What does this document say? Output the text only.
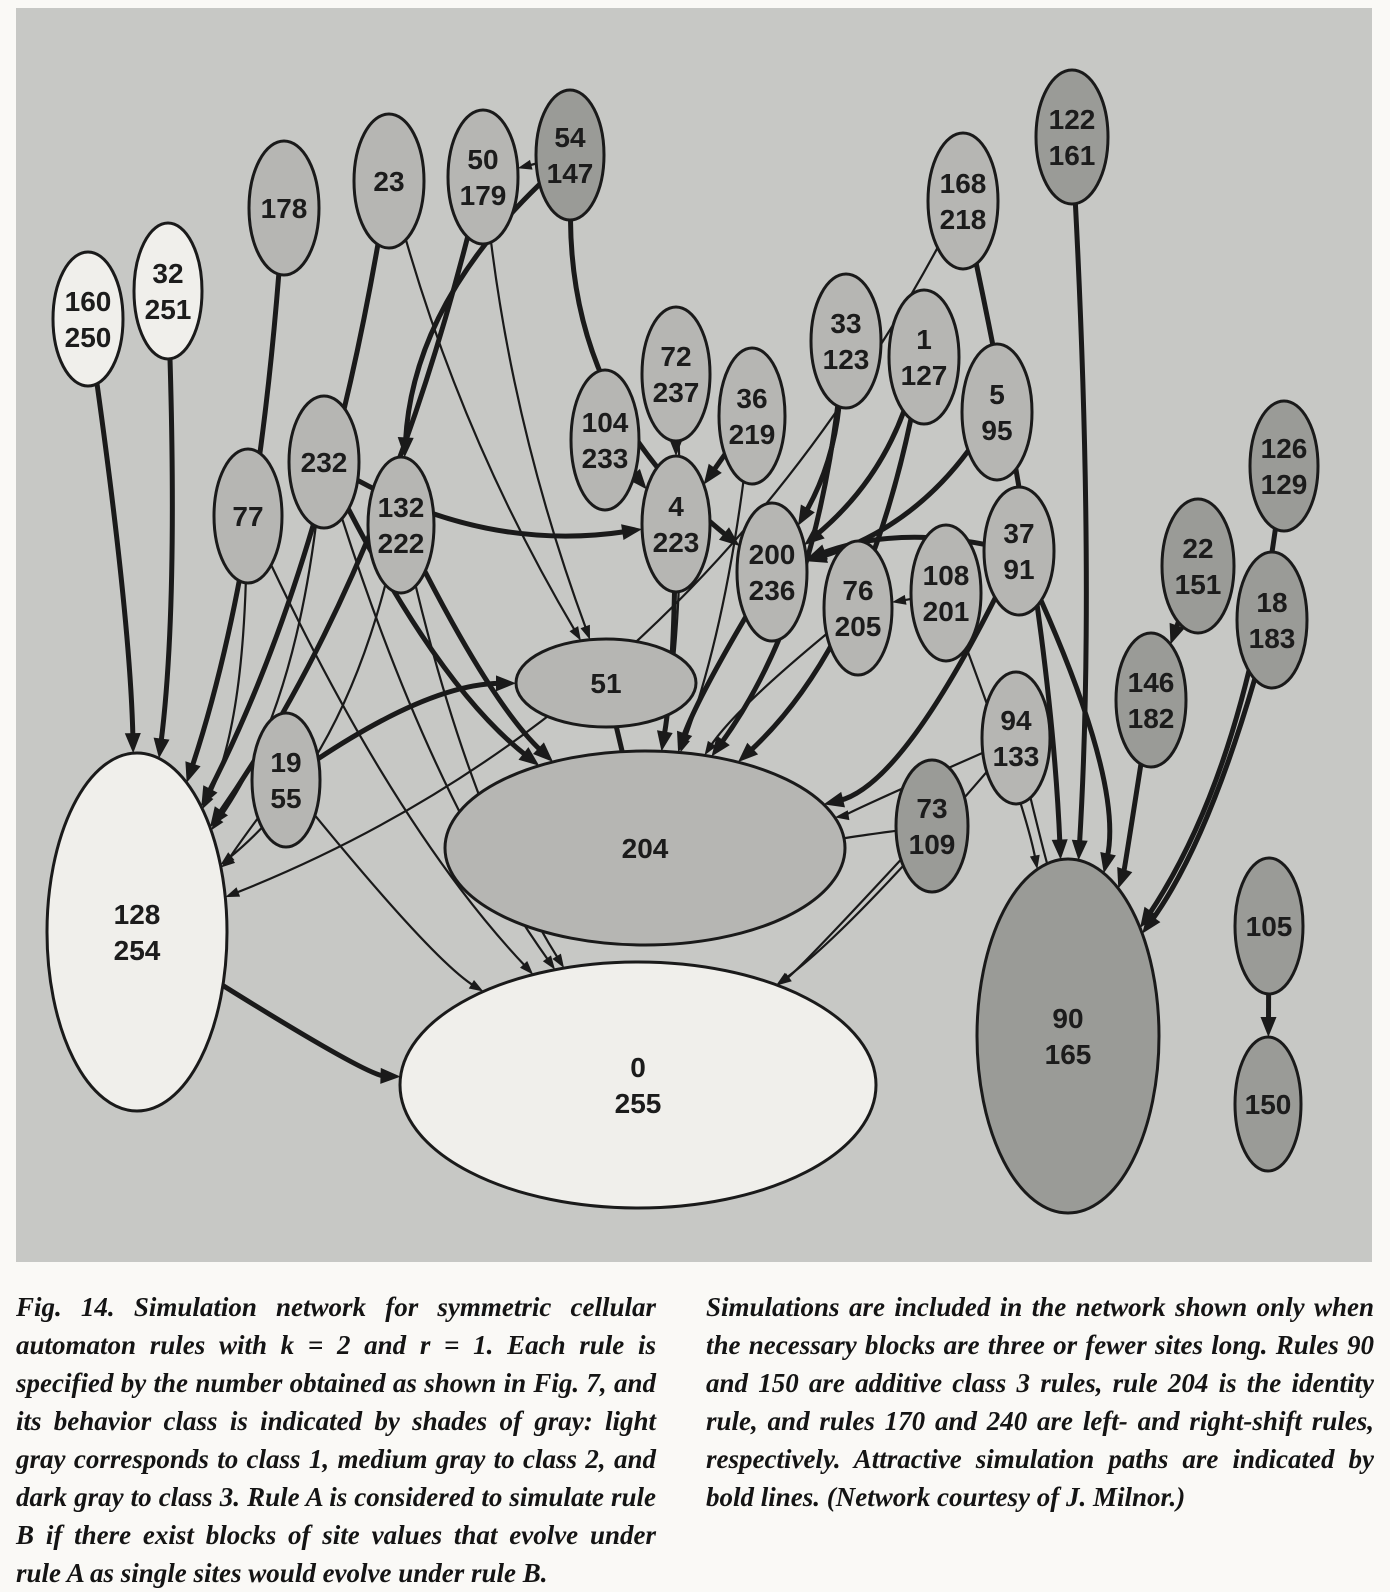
160 250
32 251
178
23
50 179
54 147
122 161
168 218
33 123
1 127
72 237 36 219
104 233
5 95
126 129
232
77	132 222
4 223 200 236 76 205
108 201
37 91
22 151
18 183
146 182
51
94 133
19 55	73 109
204
128 254
105
90 165
0 255	150

Fig. 14. Simulation network for symmetric cellular automaton rules with k = 2 and r = 1. Each rule is specified by the number obtained as shown in Fig. 7, and its behavior class is indicated by shades of gray: light gray corresponds to class 1, medium gray to class 2, and dark gray to class 3. Rule A is considered to simulate rule B if there exist blocks of site values that evolve under rule A as single sites would evolve under rule B.

Simulations are included in the network shown only when the necessary blocks are three or fewer sites long. Rules 90 and 150 are additive class 3 rules, rule 204 is the identity rule, and rules 170 and 240 are left- and right-shift rules, respectively. Attractive simulation paths are indicated by bold lines. (Network courtesy of J. Milnor.)
